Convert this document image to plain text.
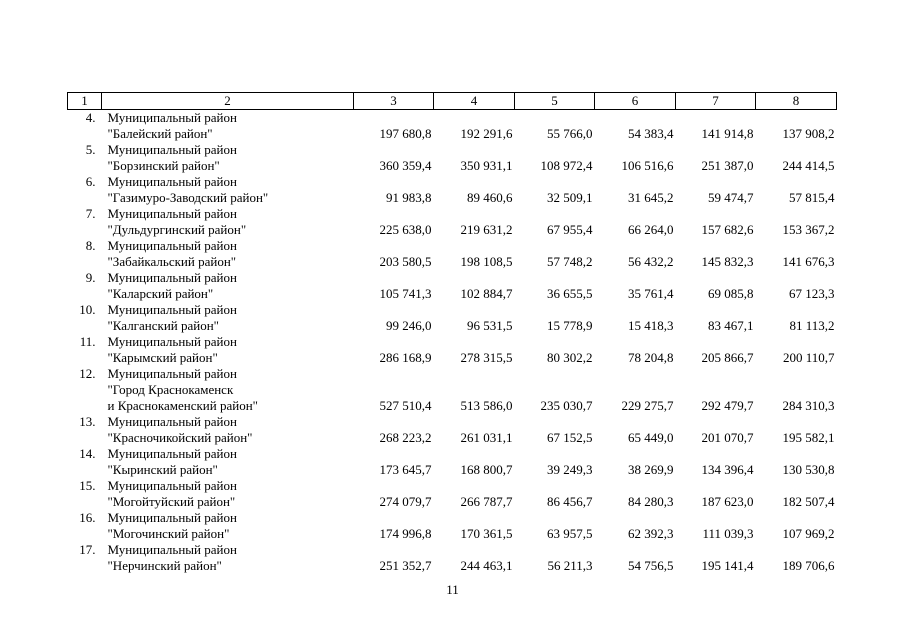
1	2	3	4	5	6	7	8
4.	Муниципальный район
"Балейский район"	197 680,8	192 291,6	55 766,0	54 383,4	141 914,8	137 908,2
5.	Муниципальный район
"Борзинский район"	360 359,4	350 931,1	108 972,4	106 516,6	251 387,0	244 414,5
6.	Муниципальный район
"Газимуро-Заводский район"	91 983,8	89 460,6	32 509,1	31 645,2	59 474,7	57 815,4
7.	Муниципальный район
"Дульдургинский район"	225 638,0	219 631,2	67 955,4	66 264,0	157 682,6	153 367,2
8.	Муниципальный район
"Забайкальский район"	203 580,5	198 108,5	57 748,2	56 432,2	145 832,3	141 676,3
9.	Муниципальный район
"Каларский район"	105 741,3	102 884,7	36 655,5	35 761,4	69 085,8	67 123,3
10.	Муниципальный район
"Калганский район"	99 246,0	96 531,5	15 778,9	15 418,3	83 467,1	81 113,2
11.	Муниципальный район
"Карымский район"	286 168,9	278 315,5	80 302,2	78 204,8	205 866,7	200 110,7
12.	Муниципальный район
"Город Краснокаменск
и Краснокаменский район"	527 510,4	513 586,0	235 030,7	229 275,7	292 479,7	284 310,3
13.	Муниципальный район
"Красночикойский район"	268 223,2	261 031,1	67 152,5	65 449,0	201 070,7	195 582,1
14.	Муниципальный район
"Кыринский район"	173 645,7	168 800,7	39 249,3	38 269,9	134 396,4	130 530,8
15.	Муниципальный район
"Могойтуйский район"	274 079,7	266 787,7	86 456,7	84 280,3	187 623,0	182 507,4
16.	Муниципальный район
"Могочинский район"	174 996,8	170 361,5	63 957,5	62 392,3	111 039,3	107 969,2
17.	Муниципальный район
"Нерчинский район"	251 352,7	244 463,1	56 211,3	54 756,5	195 141,4	189 706,6
11
